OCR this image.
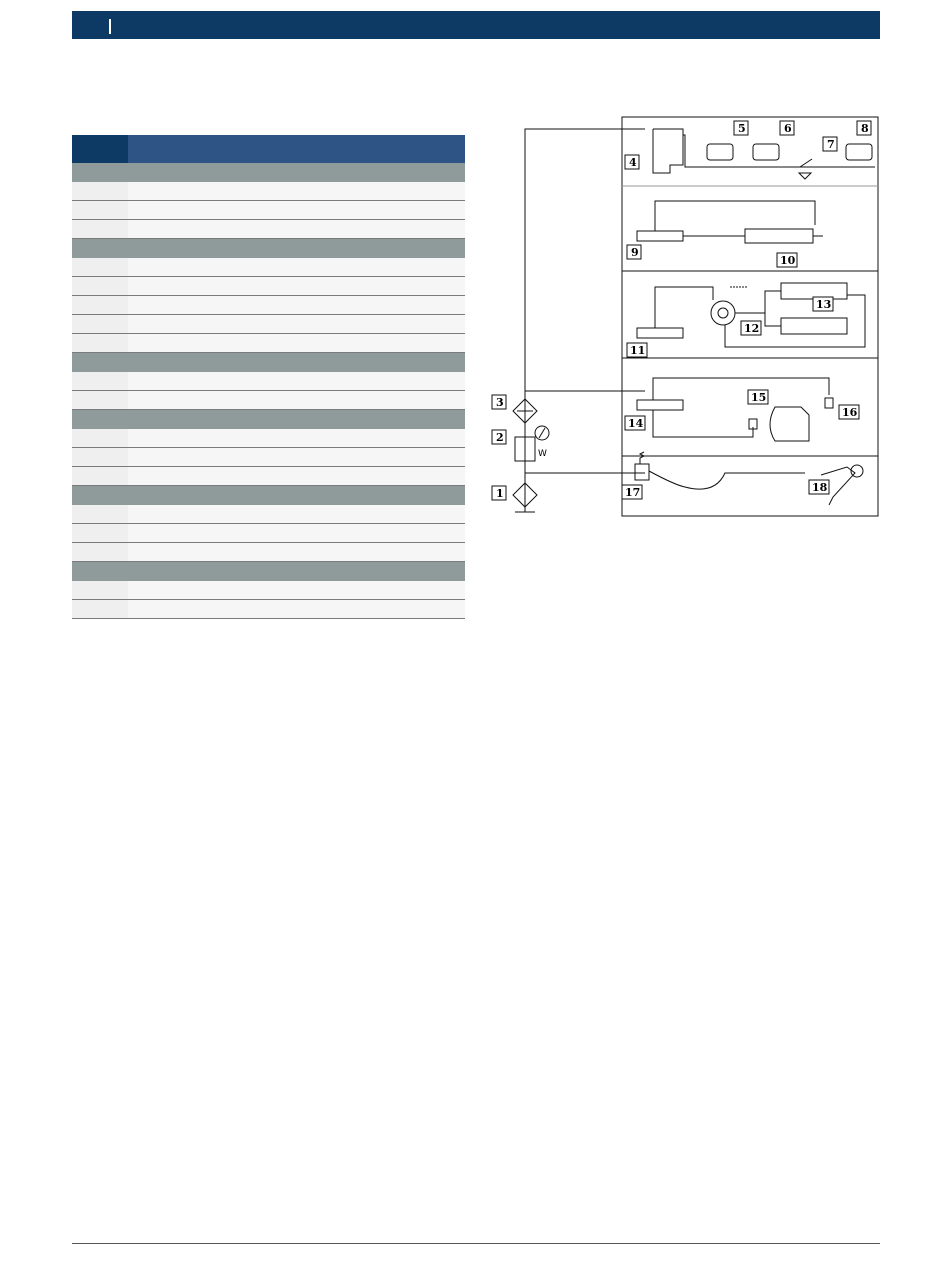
1
2
3
4
5	6
7
8
9
10
11
12
13
14
15
16
17	18
W
